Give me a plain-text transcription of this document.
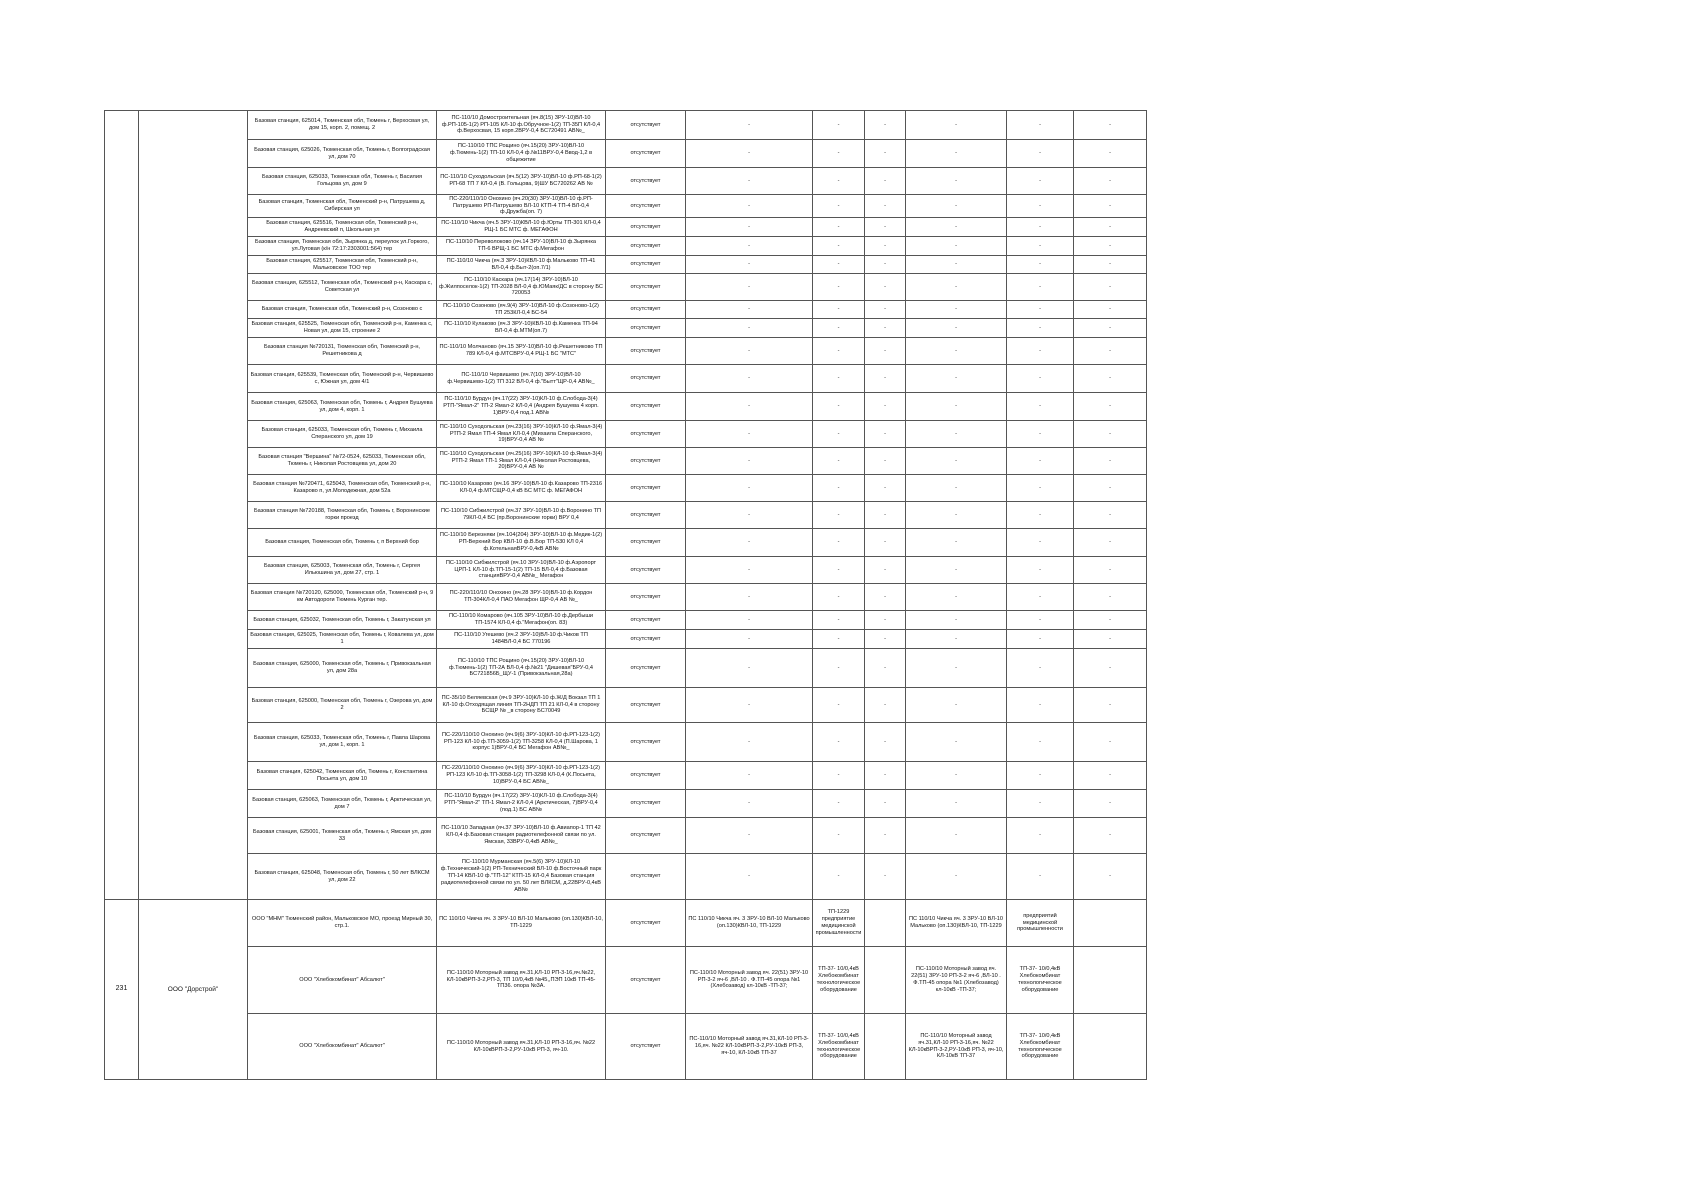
		Базовая станция, 625014, Тюменская обл, Тюмень г, Верхосвая ул, дом 15, корп. 2, помещ. 2	ПС-110/10 Домостроительная (яч.8(15) ЗРУ-10)ВЛ-10 ф.РП-105-1(2) РП-105 КЛ-10 ф.Обручное-1(2) ТП-35П КЛ-0,4 ф.Верхосвая, 15 корп.2ВРУ-0,4 БС720491 АВ№_	отсутствует	-	-	-	-	-	-
		Базовая станция, 625026, Тюменская обл, Тюмень г, Волгоградская ул, дом 70	ПС-110/10 ТПС Рощино (яч.15(20) ЗРУ-10)ВЛ-10 ф.Тюмень-1(2) ТП-10 КЛ-0,4 ф.№11ВРУ-0,4 Ввод-1,2 в общежитие	отсутствует	-	-	-	-	-	-
		Базовая станция, 625033, Тюменская обл, Тюмень г, Василия Гольцова ул, дом 9	ПС-110/10 Суходольская (яч.5(12) ЗРУ-10)ВЛ-10 ф.РП-68-1(2) РП-68 ТП 7 КЛ-0,4 (В. Гольцова, 9)ШУ БС720262 АВ №	отсутствует	-	-	-	-	-	-
		Базовая станция, Тюменская обл, Тюменский р-н, Патрушева д, Сибирская ул	ПС-220/110/10 Онохино (яч.20(30) ЗРУ-10)ВЛ-10 ф.РП-Патрушево РП-Патрушево ВЛ-10 КТП-4 ТП-4 ВЛ-0,4 ф.Дружба(оп. 7)	отсутствует	-	-	-	-	-	-
		Базовая станция, 625516, Тюменская обл, Тюменский р-н, Андреевский п, Школьная ул	ПС-110/10 Чикча (яч.5 ЗРУ-10)КВЛ-10 ф.Юрты ТП-301 КЛ-0,4 РЩ-1 БС МТС ф. МЕГАФОН	отсутствует	-	-	-	-	-	-
		Базовая станция, Тюменская обл, Зырянка д, переулок ул.Горкого, ул.Луговая (к/н 72:17:2303001:564) тер	ПС-110/10 Переволоково (яч.14 ЗРУ-10)ВЛ-10 ф.Зырянка ТП-6 ВРЩ-1 БС МТС ф.Мегафон	отсутствует	-	-	-	-	-	-
		Базовая станция, 625517, Тюменская обл, Тюменский р-н, Мальковское ТОО тер	ПС-110/10 Чикча (яч.3 ЗРУ-10)КВЛ-10 ф.Мальково ТП-41 ВЛ-0,4 ф.Быт-2(оп.7/1)	отсутствует	-	-	-	-	-	-
		Базовая станция, 625512, Тюменская обл, Тюменский р-н, Каскара с, Советская ул	ПС-110/10 Каскара (яч.17(14) ЗРУ-10)ВЛ-10 ф.Жилпоселок-1(2) ТП-2028 ВЛ-0,4 ф.ЮМаяк/ДС в сторону БС 720053	отсутствует	-	-	-	-	-	-
		Базовая станция, Тюменская обл, Тюменский р-н, Созоново с	ПС-110/10 Созоново (яч.9(4) ЗРУ-10)ВЛ-10 ф.Созоново-1(2) ТП 253КЛ-0,4 БС-54	отсутствует	-	-	-	-	-	-
		Базовая станция, 625525, Тюменская обл, Тюменский р-н, Каменка с, Новая ул, дом 15, строение 2	ПС-110/10 Кулаково (яч.3 ЗРУ-10)КВЛ-10 ф.Каменка ТП-94 ВЛ-0,4 ф.МТМ(оп.7)	отсутствует	-	-	-	-	-	-
		Базовая станция №720131, Тюменская обл, Тюменский р-н, Решетникова д	ПС-110/10 Молчаново (яч.15 ЗРУ-10)ВЛ-10 ф.Решетниково ТП 789 КЛ-0,4 ф.МТСВРУ-0,4 РЩ-1 БС "МТС"	отсутствует	-	-	-	-	-	-
		Базовая станция, 625539, Тюменская обл, Тюменский р-н, Червишево с, Южная ул, дом 4/1	ПС-110/10 Червишево (яч.7(10) ЗРУ-10)ВЛ-10 ф.Червишево-1(2) ТП 312 ВЛ-0,4 ф."Бытт"ЩР-0,4 АВ№_	отсутствует	-	-	-	-	-	-
		Базовая станция, 625063, Тюменская обл, Тюмень г, Андрея Бушуева ул, дом 4, корп. 1	ПС-110/10 Бурдун (яч.17(22) ЗРУ-10)КЛ-10 ф.Слобода-3(4) РТП-"Ямал-2" ТП-2 Ямал-2 КЛ-0,4 (Андрея Бушуева 4 корп. 1)ВРУ-0,4 под.1 АВ№	отсутствует	-	-	-	-	-	-
		Базовая станция, 625033, Тюменская обл, Тюмень г, Михаила Сперанского ул, дом 19	ПС-110/10 Суходольская (яч.23(16) ЗРУ-10)КЛ-10 ф.Ямал-3(4) РТП-2 Ямал ТП-4 Ямал КЛ-0,4 (Михаила Сперанского, 19)ВРУ-0,4 АВ №	отсутствует	-	-	-	-	-	-
		Базовая станция "Вершина" №72-0524, 625033, Тюменская обл, Тюмень г, Николая Ростовцева ул, дом 20	ПС-110/10 Суходольская (яч.25(16) ЗРУ-10)КЛ-10 ф.Ямал-3(4) РТП-2 Ямал ТП-1 Ямал КЛ-0,4 (Николая Ростовцева, 20)ВРУ-0,4 АВ №	отсутствует	-	-	-	-	-	-
		Базовая станция №720471, 625043, Тюменская обл, Тюменский р-н, Казарово п, ул.Молодежная, дом 52а	ПС-110/10 Казарово (яч.16 ЗРУ-10)ВЛ-10 ф.Казарово ТП-2316 КЛ-0,4 ф.МТСЩР-0,4 кВ БС МТС ф. МЕГАФОН	отсутствует	-	-	-	-	-	-
		Базовая станция №720188, Тюменская обл, Тюмень г, Воронинские горки проезд	ПС-110/10 Сибжилстрой (яч.37 ЗРУ-10)ВЛ-10 ф.Воронино ТП 79КЛ-0,4 БС (пр.Воронинские горки) ВРУ 0,4	отсутствует	-	-	-	-	-	-
		Базовая станция, Тюменская обл, Тюмень г, п Верхний бор	ПС-110/10 Березняки (яч.104(204) ЗРУ-10)ВЛ-10 ф.Медик-1(2) РП-Верхний Бор КВЛ-10 ф.В.Бор ТП-530 КЛ 0,4 ф.КотельнаяВРУ-0,4кВ АВ№	отсутствует	-	-	-	-	-	-
		Базовая станция, 625003, Тюменская обл, Тюмень г, Сергея Ильюшина ул, дом 27, стр. 1	ПС-110/10 Сибжилстрой (яч.10 ЗРУ-10)ВЛ-10 ф.Аэропорт ЦРП-1 КЛ-10 ф.ТП-15-1(2) ТП-15 ВЛ-0,4 ф.Базовая станцияВРУ-0,4 АВ№_ Мегафон	отсутствует	-	-	-	-	-	-
		Базовая станция №720120, 625000, Тюменская обл, Тюменский р-н, 9 км Автодороги Тюмень Курган тер.	ПС-220/110/10 Онохино (яч.28 ЗРУ-10)ВЛ-10 ф.Кордон ТП-304КЛ-0,4 ПАО Мегафон ЩР-0,4 АВ №_	отсутствует	-	-	-	-	-	-
		Базовая станция, 625032, Тюменская обл, Тюмень г, Закатунская ул	ПС-110/10 Комарово (яч.105 ЗРУ-10)ВЛ-10 ф.Дербыши ТП-1574 КЛ-0,4 ф."Мегафон(оп. 83)	отсутствует	-	-	-	-	-	-
		Базовая станция, 625025, Тюменская обл, Тюмень г, Ковалева ул, дом 1	ПС-110/10 Угешево (яч.2 ЗРУ-10)ВЛ-10 ф.Чиков ТП 1484ВЛ-0,4 БС 770196	отсутствует	-	-	-	-	-	-
		Базовая станция, 625000, Тюменская обл, Тюмень г, Привокзальная ул, дом 28а	ПС-110/10 ТПС Рощино (яч.15(20) ЗРУ-10)ВЛ-10 ф.Тюмень-1(2) ТП-2А ВЛ-0,4 ф.№21 "Дишевая"БРУ-0,4 БС721856Б_ЩУ-1 (Привокзальная,28а)	отсутствует	-	-	-	-	-	-
		Базовая станция, 625000, Тюменская обл, Тюмень г, Озерова ул, дом 2	ПС-35/10 Беляевская (яч.9 ЗРУ-10)КЛ-10 ф.Ж/Д Вокзал ТП 1 КЛ-10 ф.Отходящая линия ТП-2НДП ТП 21 КЛ-0,4 в сторону БСЩР № _в сторону БС70049	отсутствует	-	-	-	-	-	-
		Базовая станция, 625033, Тюменская обл, Тюмень г, Павла Шарова ул, дом 1, корп. 1	ПС-220/110/10 Онохино (яч.9(6) ЗРУ-10)КЛ-10 ф.РП-123-1(2) РП-123 КЛ-10 ф.ТП-3059-1(2) ТП-3258 КЛ-0,4 (П.Шарова, 1 корпус 1)ВРУ-0,4 БС Мегафон АВ№_	отсутствует	-	-	-	-	-	-
		Базовая станция, 625042, Тюменская обл, Тюмень г, Константина Посьета ул, дом 10	ПС-220/110/10 Онохино (яч.9(6) ЗРУ-10)КЛ-10 ф.РП-123-1(2) РП-123 КЛ-10 ф.ТП-3058-1(2) ТП-3298 КЛ-0,4 (К.Посьета, 10)ВРУ-0,4 БС АВ№_	отсутствует	-	-	-	-	-	-
		Базовая станция, 625063, Тюменская обл, Тюмень г, Арктическая ул, дом 7	ПС-110/10 Бурдун (яч.17(22) ЗРУ-10)КЛ-10 ф.Слобода-3(4) РТП-"Ямал-2" ТП-1 Ямал-2 КЛ-0,4 (Арктическая, 7)ВРУ-0,4 (под.1) БС АВ№	отсутствует	-	-	-	-	-	-
		Базовая станция, 625001, Тюменская обл, Тюмень г, Ямская ул, дом 33	ПС-110/10 Западная (яч.37 ЗРУ-10)ВЛ-10 ф.Авиапор-1 ТП 42 КЛ-0,4 ф.Базовая станция радиотелефонной связи по ул. Ямская, 33ВРУ-0,4кВ АВ№_	отсутствует	-	-	-	-	-	-
		Базовая станция, 625048, Тюменская обл, Тюмень г, 50 лет ВЛКСМ ул, дом 22	ПС-110/10 Мурманская (яч.5(6) ЗРУ-10)КЛ-10 ф.Технический-1(2) РП-Технический ВЛ-10 ф.Восточный парк ТП-14 КВЛ-10 ф."ТП-12" КТП-15 КЛ-0,4 Базовая станция радиотелефонной связи по ул. 50 лет ВЛКСМ, д.22ВРУ-0,4кВ АВ№	отсутствует	-	-	-	-	-	-
231	ООО "Дорстрой"	ООО "МНМ" Тюменский район, Мальковское МО, проезд Мирный 30, стр.1.	ПС 110/10 Чикча яч. 3 ЗРУ-10 ВЛ-10 Мальково (оп.130)КВЛ-10, ТП-1229	отсутствует	ПС 110/10 Чикча яч. 3 ЗРУ-10 ВЛ-10 Мальково (оп.130)КВЛ-10, ТП-1229	ТП-1229 предприятие медицинской промышленности		ПС 110/10 Чикча яч. 3 ЗРУ-10 ВЛ-10 Мальково (оп.130)КВЛ-10, ТП-1229	предприятий медицинской промышленности	
		ООО "Хлебокомбинат" Абсалют"	ПС-110/10 Моторный завод яч.31,КЛ-10 РП-3-16,яч.№22, КЛ-10кВРП-3-2,РП-3, ТП 10/0,4кВ №45,,ПЭП 10кВ ТП-45-ТП36. опора №3А.	отсутствует	ПС-110/10 Моторный завод яч. 22(51) ЗРУ-10 РП-3-2 яч-6 ,ВЛ-10 . Ф.ТП-45 опора №1 (Хлебозавод) кл-10кВ -ТП-37;	ТП-37- 10/0,4кВ Хлебокомбинат технологическое оборудование		ПС-110/10 Моторный завод яч. 22(51) ЗРУ-10 РП-3-2 яч-6 ,ВЛ-10 . Ф.ТП-45 опора №1 (Хлебозавод) кл-10кВ -ТП-37;	ТП-37- 10/0,4кВ Хлебокомбинат технологическое оборудование	
		ООО "Хлебокомбинат" Абсалют"	ПС-110/10 Моторный завод яч.31,КЛ-10 РП-3-16,яч. №22 КЛ-10кВРП-3-2,РУ-10кВ РП-3, яч-10.	отсутствует	ПС-110/10 Моторный завод яч.31,КЛ-10 РП-3-16,яч. №22 КЛ-10кВРП-3-2,РУ-10кВ РП-3, яч-10, КЛ-10кВ ТП-37	ТП-37- 10/0,4кВ Хлебокомбинат технологическое оборудование		ПС-110/10 Моторный завод яч.31,КЛ-10 РП-3-16,яч. №22 КЛ-10кВРП-3-2,РУ-10кВ РП-3, яч-10, КЛ-10кВ ТП-37	ТП-37- 10/0,4кВ Хлебокомбинат технологическое оборудование	
